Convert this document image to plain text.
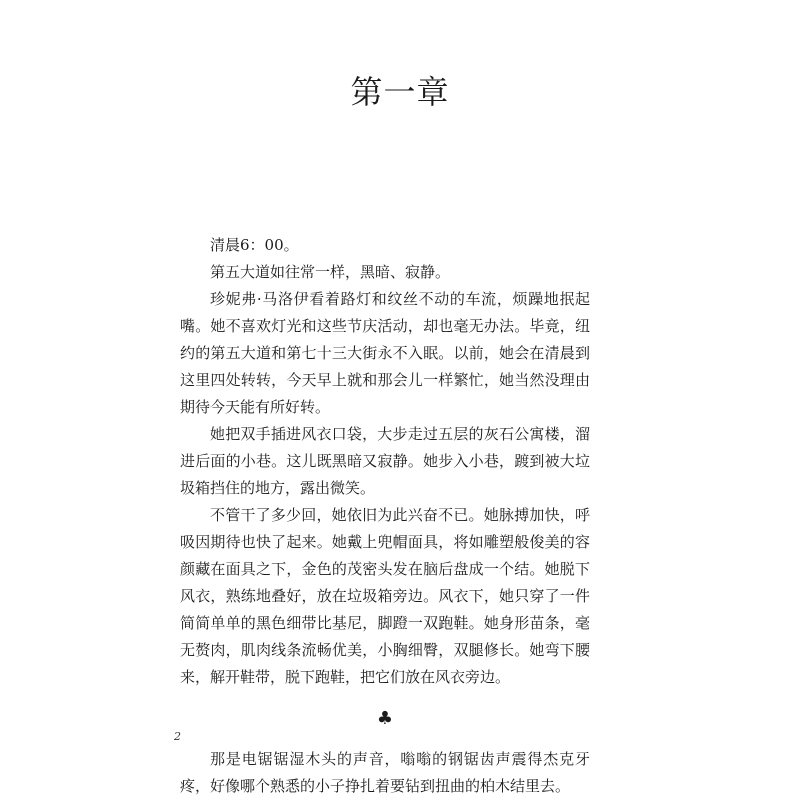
第一章

清晨6：00。

第五大道如往常一样，黑暗、寂静。

珍妮弗·马洛伊看着路灯和纹丝不动的车流，烦躁地抿起嘴。她不喜欢灯光和这些节庆活动，却也毫无办法。毕竟，纽约的第五大道和第七十三大街永不入眠。以前，她会在清晨到这里四处转转，今天早上就和那会儿一样繁忙，她当然没理由期待今天能有所好转。

她把双手插进风衣口袋，大步走过五层的灰石公寓楼，溜进后面的小巷。这儿既黑暗又寂静。她步入小巷，踱到被大垃圾箱挡住的地方，露出微笑。

不管干了多少回，她依旧为此兴奋不已。她脉搏加快，呼吸因期待也快了起来。她戴上兜帽面具，将如雕塑般俊美的容颜藏在面具之下，金色的茂密头发在脑后盘成一个结。她脱下风衣，熟练地叠好，放在垃圾箱旁边。风衣下，她只穿了一件简简单单的黑色细带比基尼，脚蹬一双跑鞋。她身形苗条，毫无赘肉，肌肉线条流畅优美，小胸细臀，双腿修长。她弯下腰来，解开鞋带，脱下跑鞋，把它们放在风衣旁边。

♣

那是电锯锯湿木头的声音，嗡嗡的钢锯齿声震得杰克牙疼，好像哪个熟悉的小子挣扎着要钻到扭曲的柏木结里去。

2
